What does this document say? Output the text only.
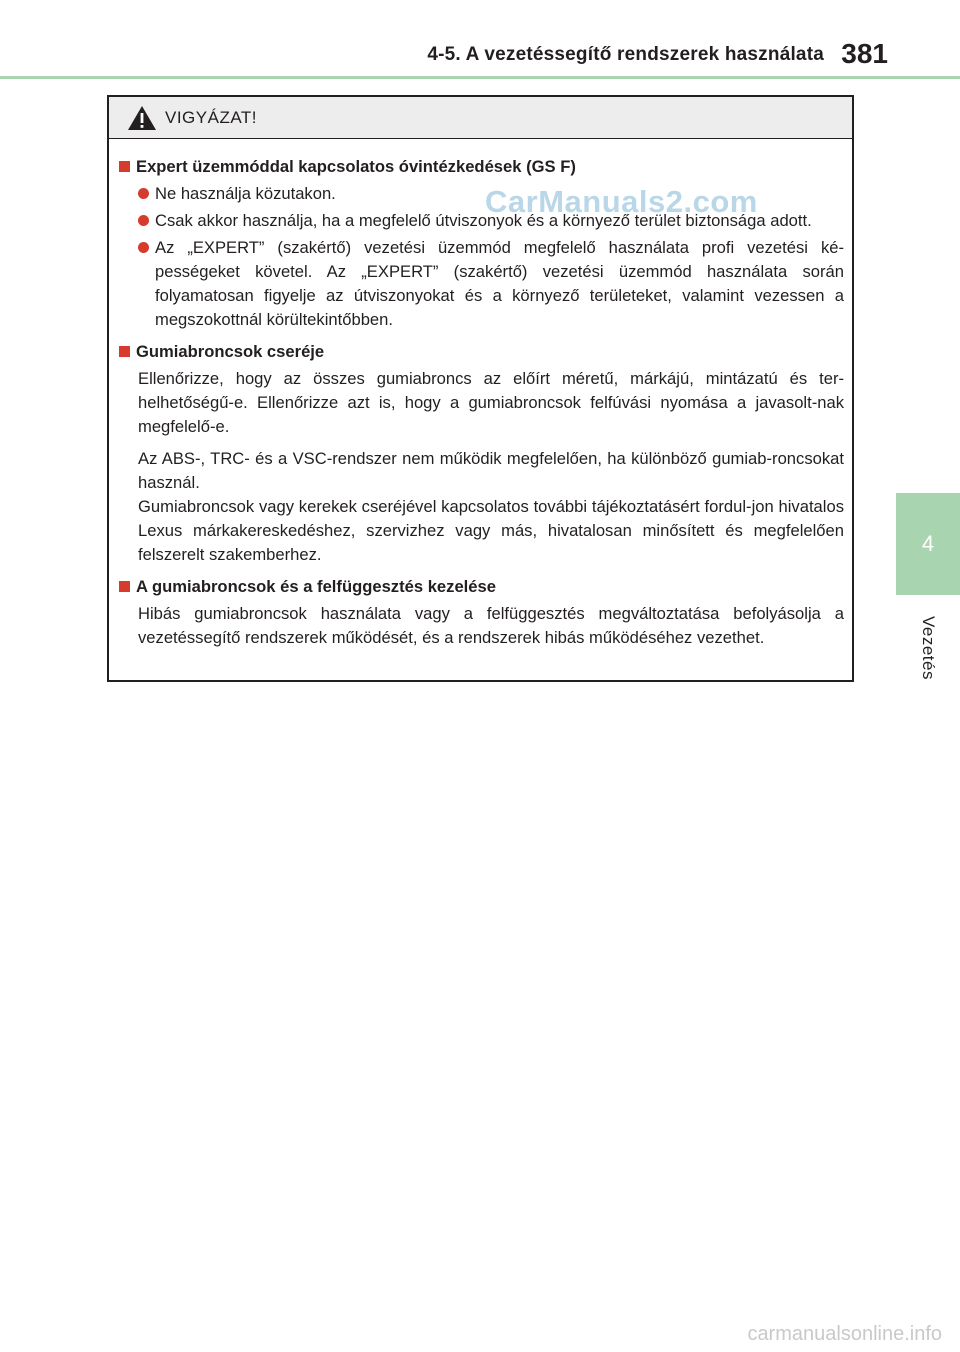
4-5. A vezetéssegítő rendszerek használata 381
4
Vezetés
VIGYÁZAT!
Expert üzemmóddal kapcsolatos óvintézkedések (GS F)
Ne használja közutakon.
Csak akkor használja, ha a megfelelő útviszonyok és a környező terület biztonsága adott.
Az „EXPERT” (szakértő) vezetési üzemmód megfelelő használata profi vezetési ké-pességeket követel. Az „EXPERT” (szakértő) vezetési üzemmód használata során folyamatosan figyelje az útviszonyokat és a környező területeket, valamint vezessen a megszokottnál körültekintőbben.
Gumiabroncsok cseréje
Ellenőrizze, hogy az összes gumiabroncs az előírt méretű, márkájú, mintázatú és ter-helhetőségű-e. Ellenőrizze azt is, hogy a gumiabroncsok felfúvási nyomása a javasolt-nak megfelelő-e.
Az ABS-, TRC- és a VSC-rendszer nem működik megfelelően, ha különböző gumiab-roncsokat használ.
Gumiabroncsok vagy kerekek cseréjével kapcsolatos további tájékoztatásért fordul-jon hivatalos Lexus márkakereskedéshez, szervizhez vagy más, hivatalosan minősített és megfelelően felszerelt szakemberhez.
A gumiabroncsok és a felfüggesztés kezelése
Hibás gumiabroncsok használata vagy a felfüggesztés megváltoztatása befolyásolja a vezetéssegítő rendszerek működését, és a rendszerek hibás működéséhez vezethet.
CarManuals2.com
carmanualsonline.info
